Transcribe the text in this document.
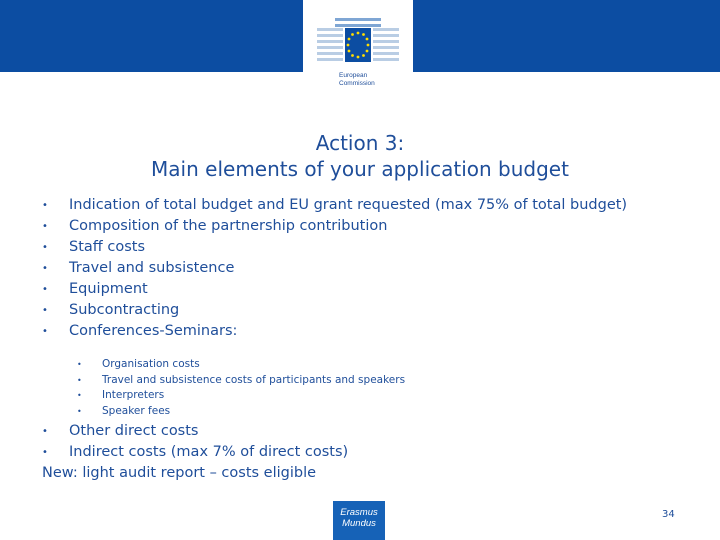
European
Commission
Action 3:
Main elements of your application budget
• Indication of total budget and EU grant requested (max 75% of total budget)
• Composition of the partnership contribution
• Staff costs
• Travel and subsistence
• Equipment
• Subcontracting
• Conferences-Seminars:
• Organisation costs
• Travel and subsistence costs of participants and speakers
• Interpreters
• Speaker fees
• Other direct costs
• Indirect costs (max 7% of direct costs)
New: light audit report – costs eligible
Erasmus
Mundus
34
